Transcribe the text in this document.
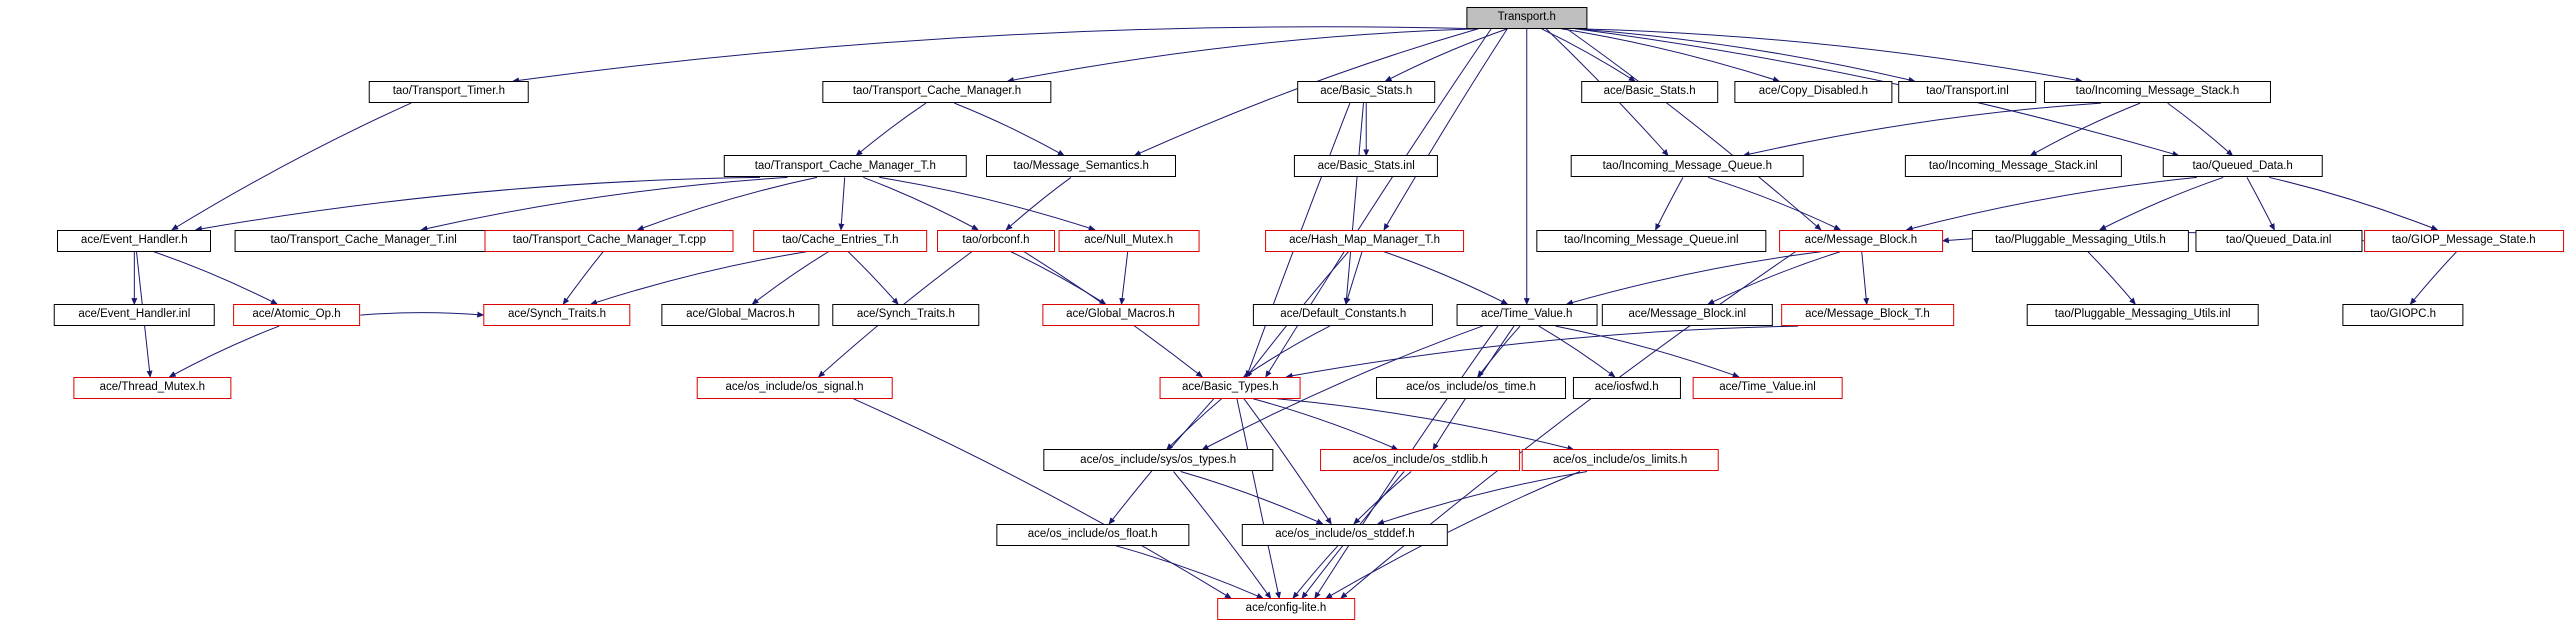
Transport.h
tao/Transport_Timer.h	tao/Transport_Cache_Manager.h	ace/Basic_Stats.h	ace/Basic_Stats.h	ace/Copy_Disabled.h	tao/Transport.inl	tao/Incoming_Message_Stack.h
tao/Transport_Cache_Manager_T.h	tao/Message_Semantics.h	ace/Basic_Stats.inl	tao/Incoming_Message_Queue.h	tao/Incoming_Message_Stack.inl	tao/Queued_Data.h
ace/Event_Handler.h	tao/Transport_Cache_Manager_T.inl	tao/Transport_Cache_Manager_T.cpp	tao/Cache_Entries_T.h	tao/orbconf.h	ace/Null_Mutex.h	ace/Hash_Map_Manager_T.h	tao/Incoming_Message_Queue.inl	ace/Message_Block.h	tao/Pluggable_Messaging_Utils.h	tao/Queued_Data.inl	tao/GIOP_Message_State.h
ace/Event_Handler.inl	ace/Atomic_Op.h	ace/Synch_Traits.h	ace/Global_Macros.h	ace/Synch_Traits.h	ace/Global_Macros.h	ace/Default_Constants.h	ace/Time_Value.h	ace/Message_Block.inl	ace/Message_Block_T.h	tao/Pluggable_Messaging_Utils.inl	tao/GIOPC.h
ace/Thread_Mutex.h	ace/os_include/os_signal.h	ace/Basic_Types.h	ace/os_include/os_time.h	ace/iosfwd.h	ace/Time_Value.inl
ace/os_include/sys/os_types.h	ace/os_include/os_stdlib.h	ace/os_include/os_limits.h
ace/os_include/os_float.h	ace/os_include/os_stddef.h
ace/config-lite.h
